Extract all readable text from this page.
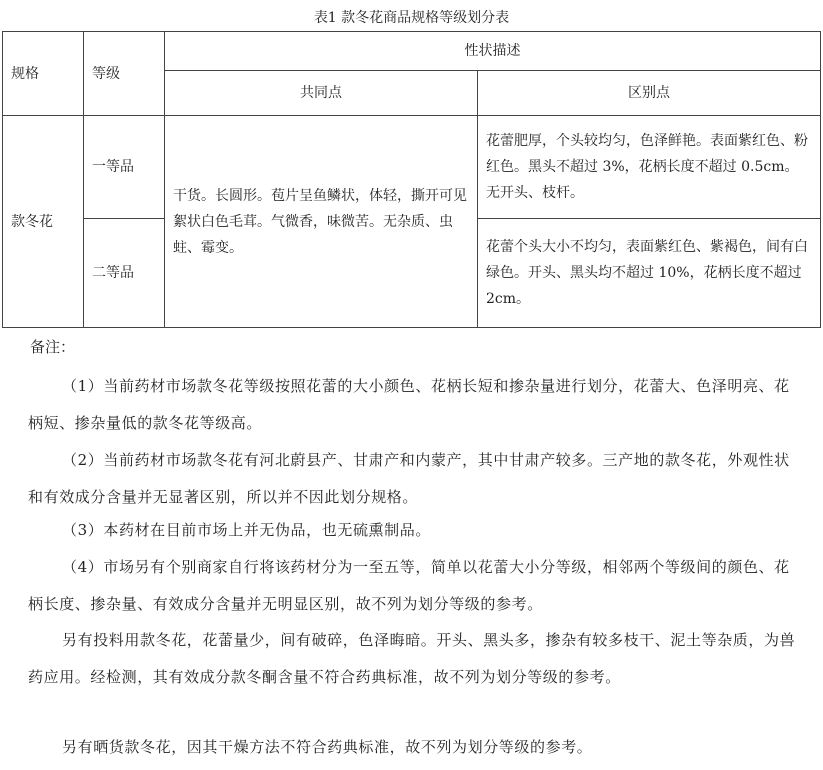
表1 款冬花商品规格等级划分表
规格	等级	性状描述	
		共同点	区别点
款冬花	一等品	干货。长圆形。苞片呈鱼鳞状，体轻，撕开可见絮状白色毛茸。气微香，味微苦。无杂质、虫蛀、霉变。	花蕾肥厚，个头较均匀，色泽鲜艳。表面紫红色、粉红色。黑头不超过 3%，花柄长度不超过 0.5cm。无开头、枝杆。
	二等品		花蕾个头大小不均匀，表面紫红色、紫褐色，间有白绿色。开头、黑头均不超过 10%，花柄长度不超过 2cm。

备注：

（1）当前药材市场款冬花等级按照花蕾的大小颜色、花柄长短和掺杂量进行划分，花蕾大、色泽明亮、花柄短、掺杂量低的款冬花等级高。

（2）当前药材市场款冬花有河北蔚县产、甘肃产和内蒙产，其中甘肃产较多。三产地的款冬花，外观性状和有效成分含量并无显著区别，所以并不因此划分规格。

（3）本药材在目前市场上并无伪品，也无硫熏制品。

（4）市场另有个别商家自行将该药材分为一至五等，简单以花蕾大小分等级，相邻两个等级间的颜色、花柄长度、掺杂量、有效成分含量并无明显区别，故不列为划分等级的参考。

另有投料用款冬花，花蕾量少，间有破碎，色泽晦暗。开头、黑头多，掺杂有较多枝干、泥土等杂质，为兽药应用。经检测，其有效成分款冬酮含量不符合药典标准，故不列为划分等级的参考。

另有晒货款冬花，因其干燥方法不符合药典标准，故不列为划分等级的参考。
